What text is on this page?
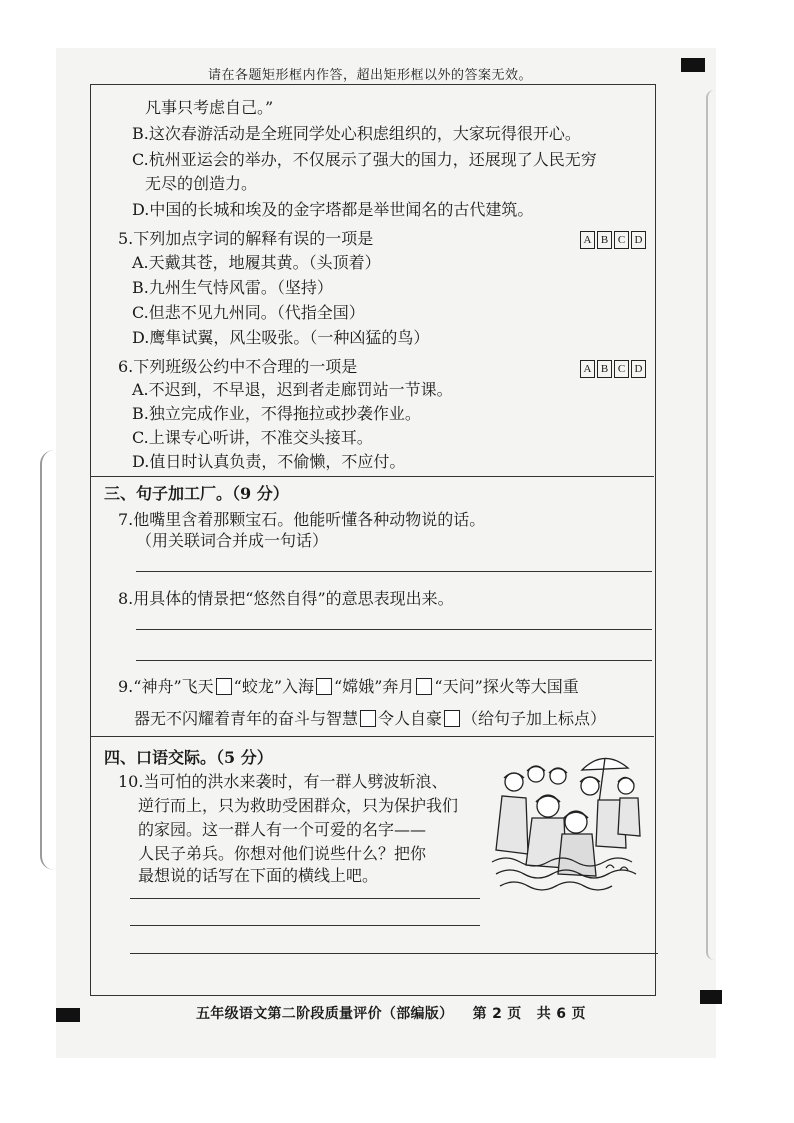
请在各题矩形框内作答，超出矩形框以外的答案无效。
凡事只考虑自己。”
B.这次春游活动是全班同学处心积虑组织的，大家玩得很开心。
C.杭州亚运会的举办，不仅展示了强大的国力，还展现了人民无穷
无尽的创造力。
D.中国的长城和埃及的金字塔都是举世闻名的古代建筑。
5.下列加点字词的解释有误的一项是	A B C D
A.天戴其苍，地履其黄。（头顶着）
B.九州生气恃风雷。（坚持）
C.但悲不见九州同。（代指全国）
D.鹰隼试翼，风尘吸张。（一种凶猛的鸟）
6.下列班级公约中不合理的一项是	A B C D
A.不迟到，不早退，迟到者走廊罚站一节课。
B.独立完成作业，不得拖拉或抄袭作业。
C.上课专心听讲，不准交头接耳。
D.值日时认真负责，不偷懒，不应付。
三、句子加工厂。（9 分）
7.他嘴里含着那颗宝石。他能听懂各种动物说的话。
（用关联词合并成一句话）
8.用具体的情景把“悠然自得”的意思表现出来。
9.“神舟”飞天 “蛟龙”入海 “嫦娥”奔月 “天问”探火等大国重
器无不闪耀着青年的奋斗与智慧 令人自豪 （给句子加上标点）
四、口语交际。（5 分）
10.当可怕的洪水来袭时，有一群人劈波斩浪、
逆行而上，只为救助受困群众，只为保护我们
的家园。这一群人有一个可爱的名字——
人民子弟兵。你想对他们说些什么？把你
最想说的话写在下面的横线上吧。
五年级语文第二阶段质量评价（部编版） 第 2 页 共 6 页
